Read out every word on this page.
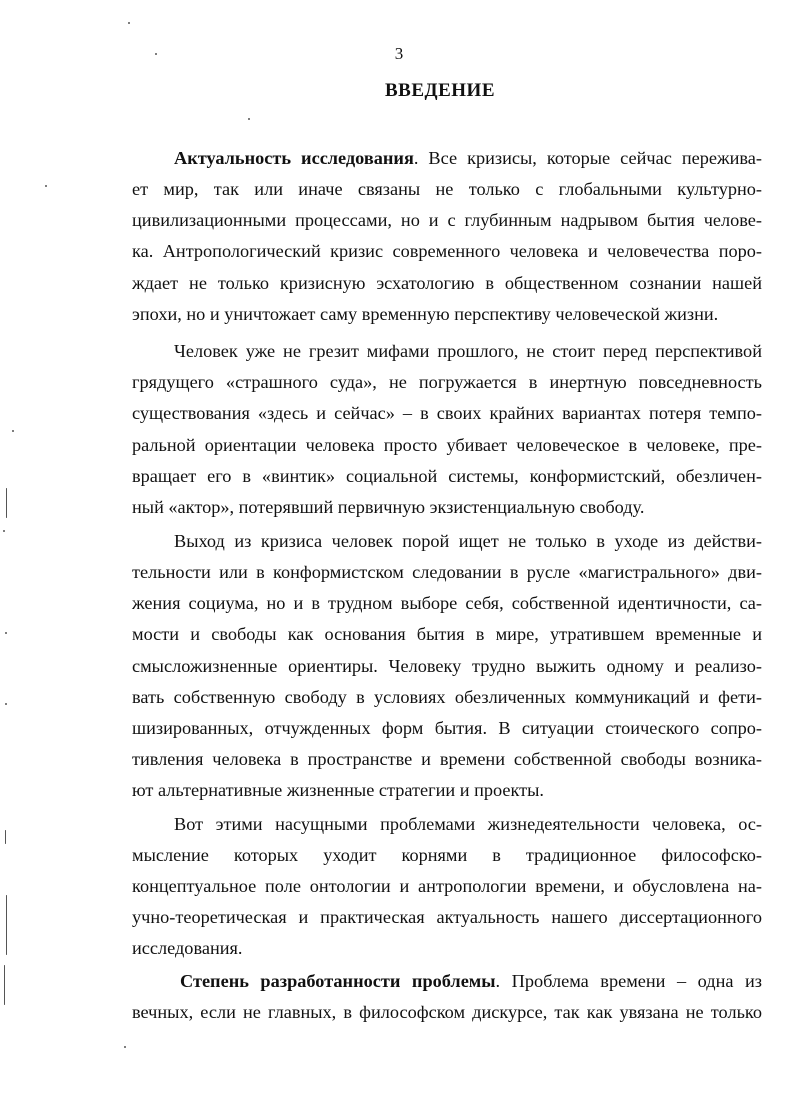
3
ВВЕДЕНИЕ
Актуальность исследования. Все кризисы, которые сейчас пережива-
ет мир, так или иначе связаны не только с глобальными культурно-
цивилизационными процессами, но и с глубинным надрывом бытия челове-
ка. Антропологический кризис современного человека и человечества поро-
ждает не только кризисную эсхатологию в общественном сознании нашей
эпохи, но и уничтожает саму временную перспективу человеческой жизни.
Человек уже не грезит мифами прошлого, не стоит перед перспективой
грядущего «страшного суда», не погружается в инертную повседневность
существования «здесь и сейчас» – в своих крайних вариантах потеря темпо-
ральной ориентации человека просто убивает человеческое в человеке, пре-
вращает его в «винтик» социальной системы, конформистский, обезличен-
ный «актор», потерявший первичную экзистенциальную свободу.
Выход из кризиса человек порой ищет не только в уходе из действи-
тельности или в конформистском следовании в русле «магистрального» дви-
жения социума, но и в трудном выборе себя, собственной идентичности, са-
мости и свободы как основания бытия в мире, утратившем временные и
смысложизненные ориентиры. Человеку трудно выжить одному и реализо-
вать собственную свободу в условиях обезличенных коммуникаций и фети-
шизированных, отчужденных форм бытия. В ситуации стоического сопро-
тивления человека в пространстве и времени собственной свободы возника-
ют альтернативные жизненные стратегии и проекты.
Вот этими насущными проблемами жизнедеятельности человека, ос-
мысление которых уходит корнями в традиционное философско-
концептуальное поле онтологии и антропологии времени, и обусловлена на-
учно-теоретическая и практическая актуальность нашего диссертационного
исследования.
Степень разработанности проблемы. Проблема времени – одна из
вечных, если не главных, в философском дискурсе, так как увязана не только
